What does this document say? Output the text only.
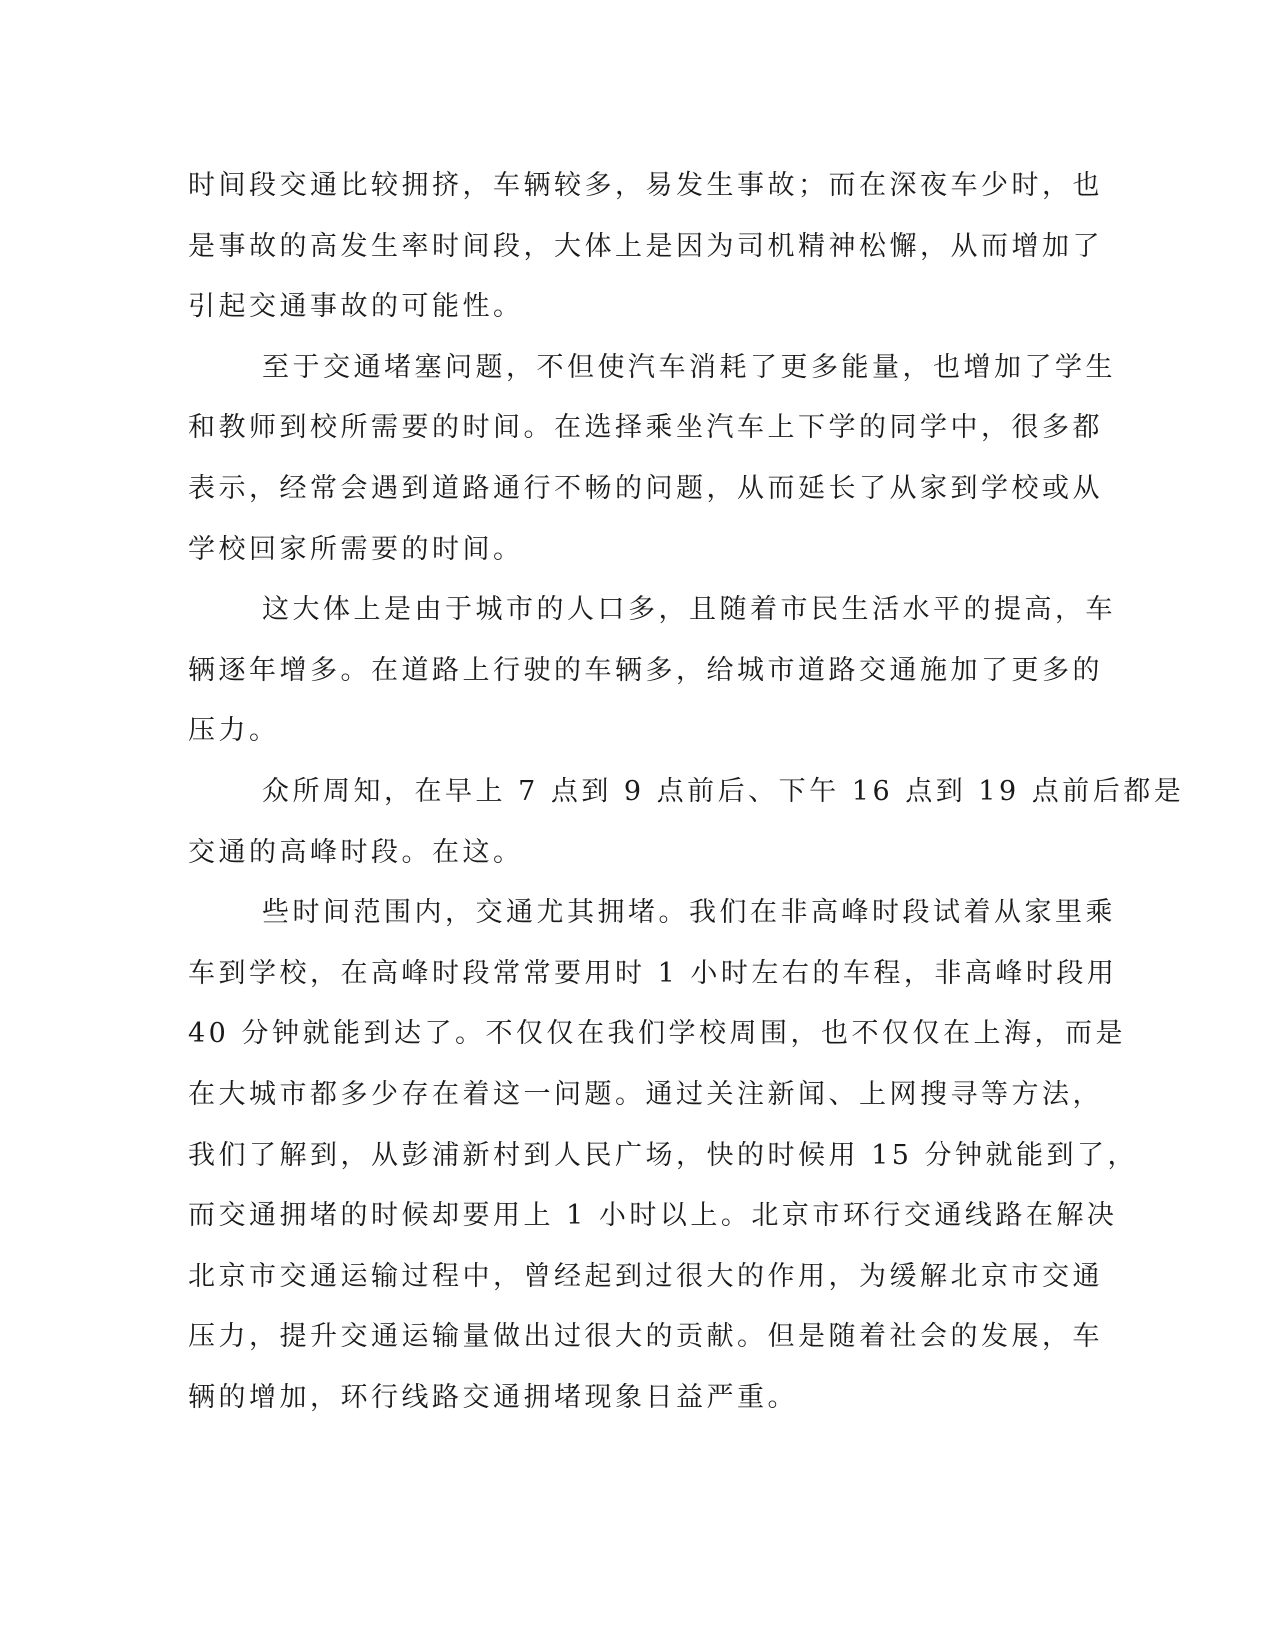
时间段交通比较拥挤，车辆较多，易发生事故；而在深夜车少时，也
是事故的高发生率时间段，大体上是因为司机精神松懈，从而增加了
引起交通事故的可能性。
至于交通堵塞问题，不但使汽车消耗了更多能量，也增加了学生
和教师到校所需要的时间。在选择乘坐汽车上下学的同学中，很多都
表示，经常会遇到道路通行不畅的问题，从而延长了从家到学校或从
学校回家所需要的时间。
这大体上是由于城市的人口多，且随着市民生活水平的提高，车
辆逐年增多。在道路上行驶的车辆多，给城市道路交通施加了更多的
压力。
众所周知，在早上 7 点到 9 点前后、下午 16 点到 19 点前后都是
交通的高峰时段。在这。
些时间范围内，交通尤其拥堵。我们在非高峰时段试着从家里乘
车到学校，在高峰时段常常要用时 1 小时左右的车程，非高峰时段用
40 分钟就能到达了。不仅仅在我们学校周围，也不仅仅在上海，而是
在大城市都多少存在着这一问题。通过关注新闻、上网搜寻等方法，
我们了解到，从彭浦新村到人民广场，快的时候用 15 分钟就能到了，
而交通拥堵的时候却要用上 1 小时以上。北京市环行交通线路在解决
北京市交通运输过程中，曾经起到过很大的作用，为缓解北京市交通
压力，提升交通运输量做出过很大的贡献。但是随着社会的发展，车
辆的增加，环行线路交通拥堵现象日益严重。
